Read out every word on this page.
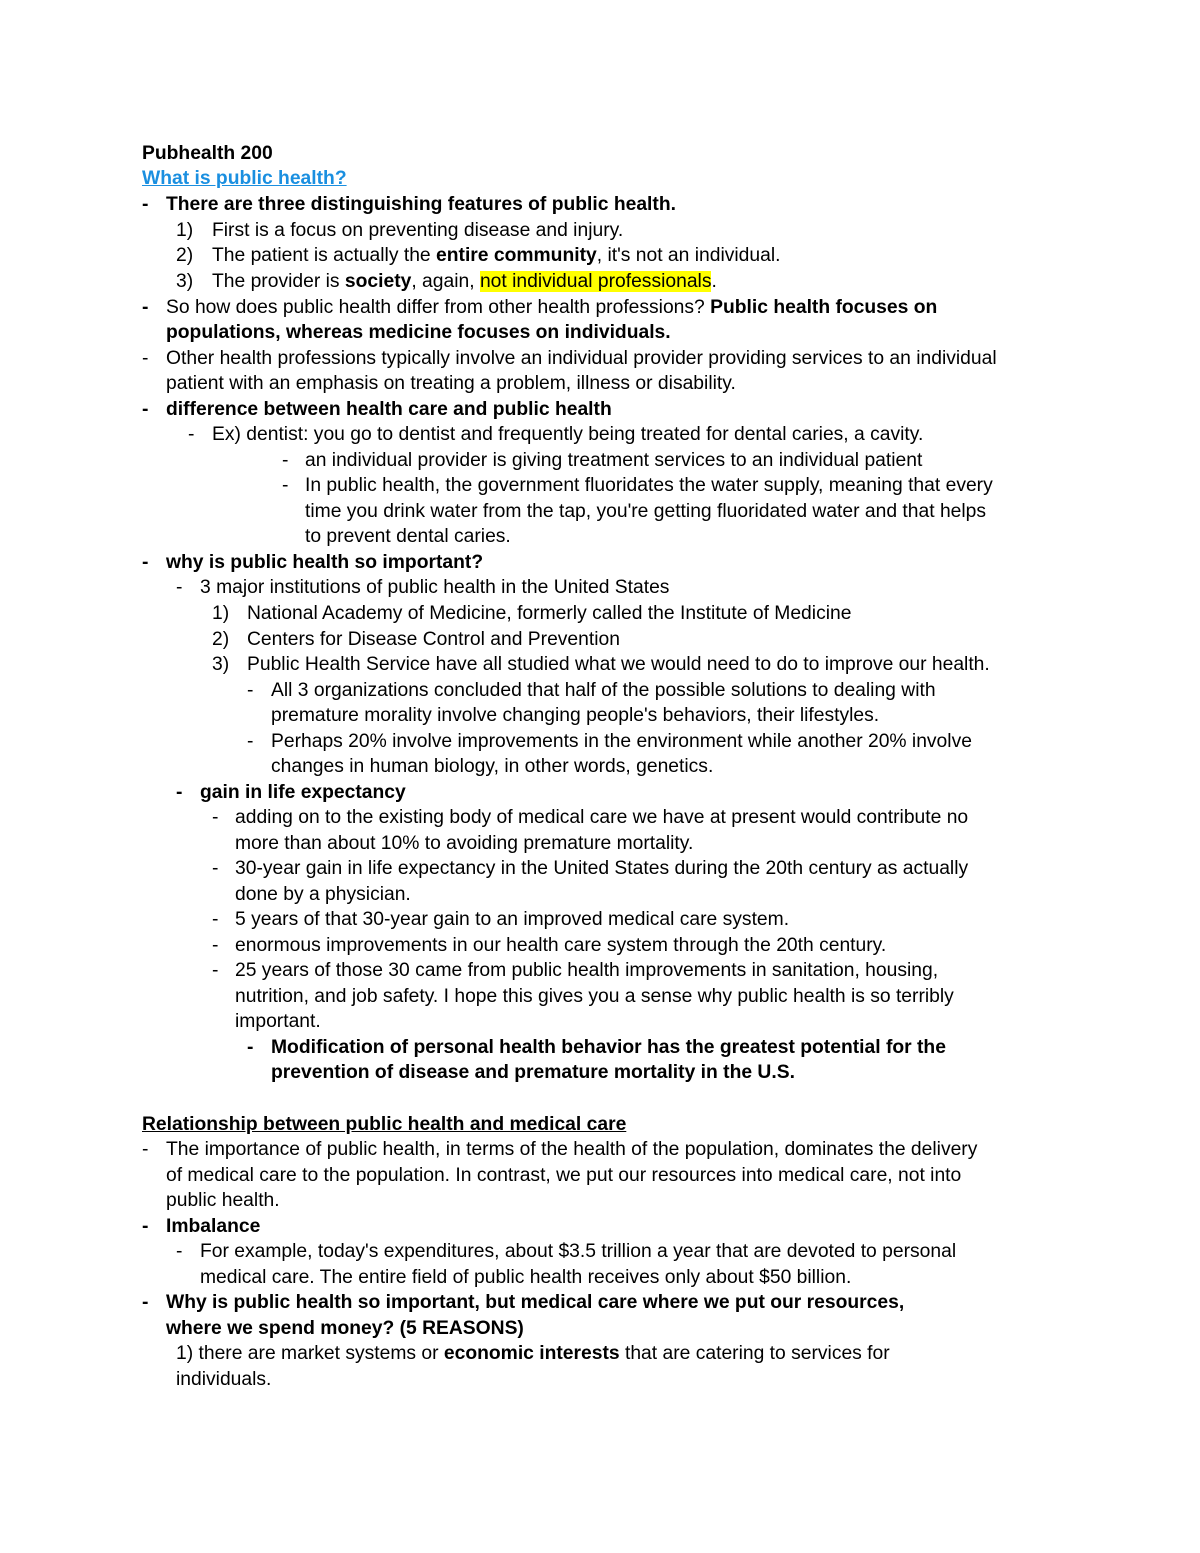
Pubhealth 200
What is public health?
- There are three distinguishing features of public health.
1) First is a focus on preventing disease and injury.
2) The patient is actually the entire community, it's not an individual.
3) The provider is society, again, not individual professionals.
- So how does public health differ from other health professions? Public health focuses on
populations, whereas medicine focuses on individuals.
- Other health professions typically involve an individual provider providing services to an individual
patient with an emphasis on treating a problem, illness or disability.
- difference between health care and public health
- Ex) dentist: you go to dentist and frequently being treated for dental caries, a cavity.
- an individual provider is giving treatment services to an individual patient
- In public health, the government fluoridates the water supply, meaning that every
time you drink water from the tap, you're getting fluoridated water and that helps
to prevent dental caries.
- why is public health so important?
- 3 major institutions of public health in the United States
1) National Academy of Medicine, formerly called the Institute of Medicine
2) Centers for Disease Control and Prevention
3) Public Health Service have all studied what we would need to do to improve our health.
- All 3 organizations concluded that half of the possible solutions to dealing with
premature morality involve changing people's behaviors, their lifestyles.
- Perhaps 20% involve improvements in the environment while another 20% involve
changes in human biology, in other words, genetics.
- gain in life expectancy
- adding on to the existing body of medical care we have at present would contribute no
more than about 10% to avoiding premature mortality.
- 30-year gain in life expectancy in the United States during the 20th century as actually
done by a physician.
- 5 years of that 30-year gain to an improved medical care system.
- enormous improvements in our health care system through the 20th century.
- 25 years of those 30 came from public health improvements in sanitation, housing,
nutrition, and job safety. I hope this gives you a sense why public health is so terribly
important.
- Modification of personal health behavior has the greatest potential for the
prevention of disease and premature mortality in the U.S.
Relationship between public health and medical care
- The importance of public health, in terms of the health of the population, dominates the delivery
of medical care to the population. In contrast, we put our resources into medical care, not into
public health.
- Imbalance
- For example, today's expenditures, about $3.5 trillion a year that are devoted to personal
medical care. The entire field of public health receives only about $50 billion.
- Why is public health so important, but medical care where we put our resources,
where we spend money? (5 REASONS)
1) there are market systems or economic interests that are catering to services for
individuals.
